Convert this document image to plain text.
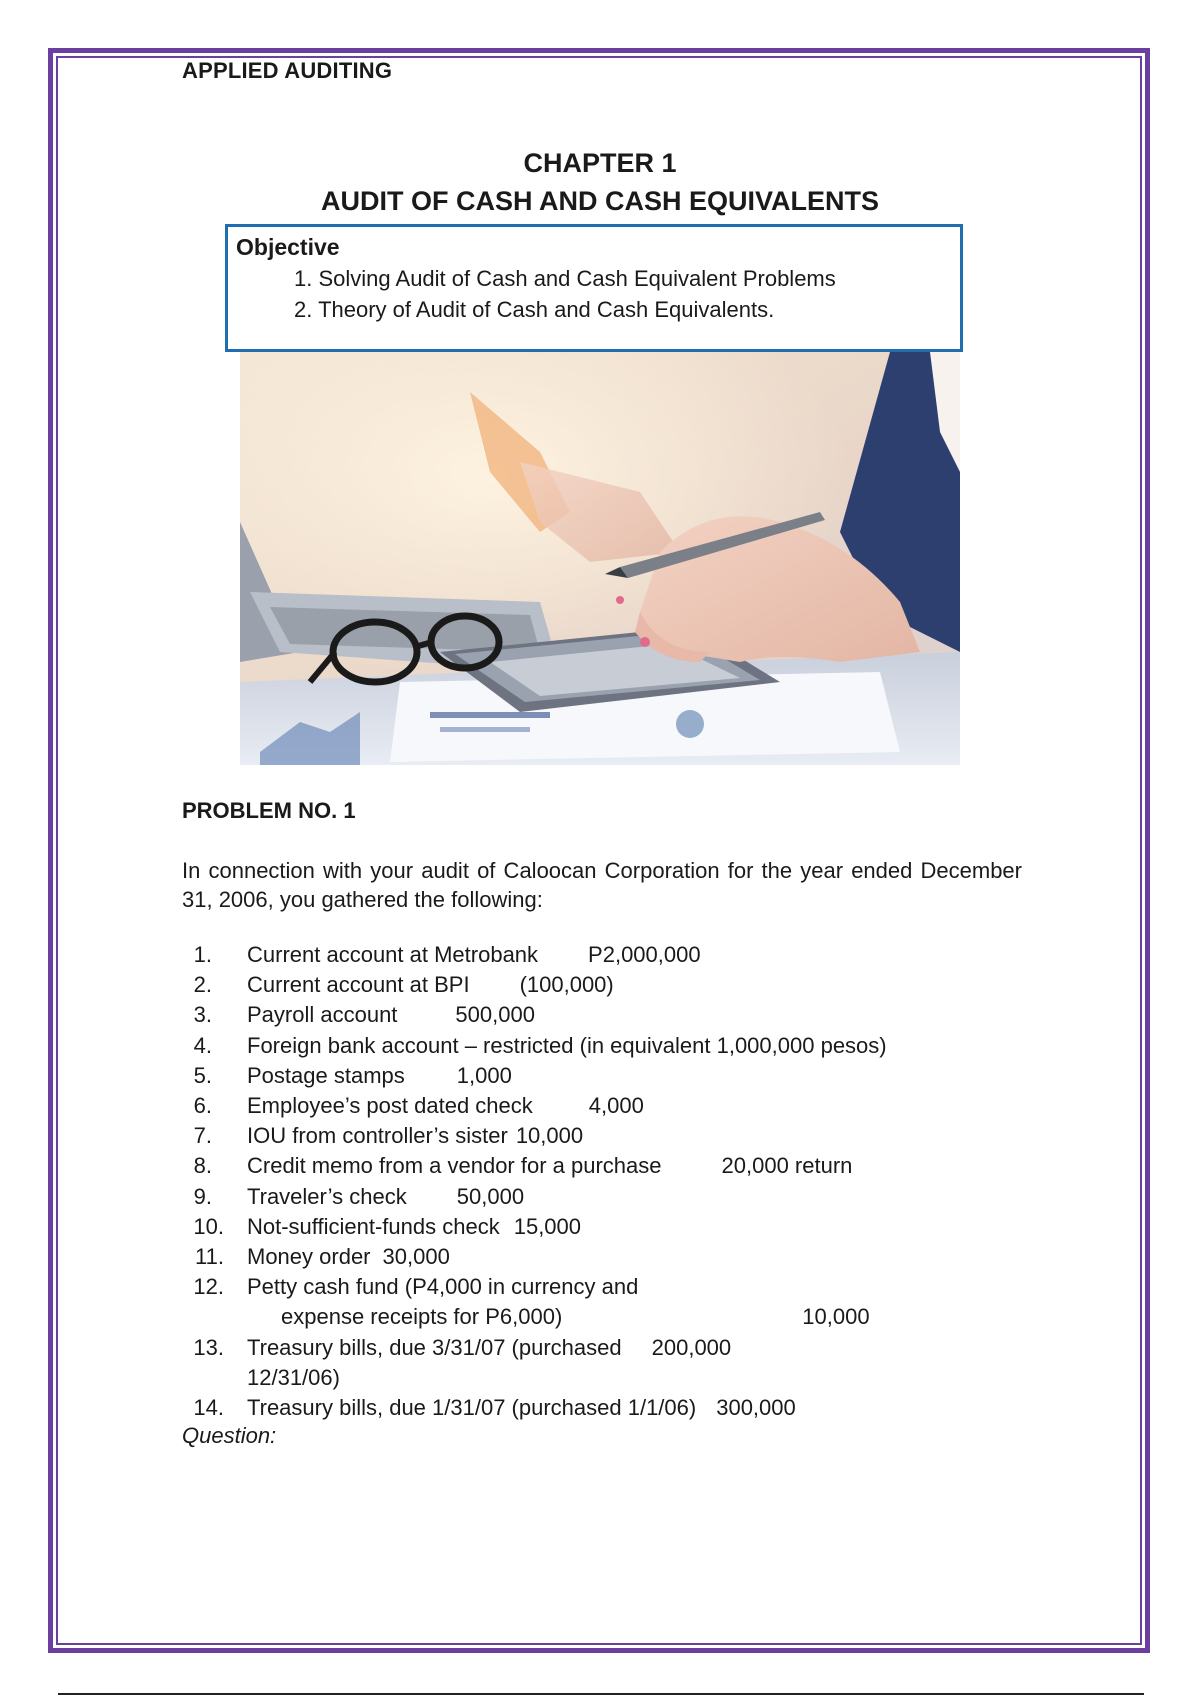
APPLIED AUDITING
CHAPTER 1
AUDIT OF CASH AND CASH EQUIVALENTS
Objective
1. Solving Audit of Cash and Cash Equivalent Problems
2. Theory of Audit of Cash and Cash Equivalents.
PROBLEM NO. 1
In connection with your audit of Caloocan Corporation for the year ended December 31, 2006, you gathered the following:
1. Current account at Metrobank P2,000,000
2. Current account at BPI (100,000)
3. Payroll account	500,000
4. Foreign bank account – restricted (in equivalent 1,000,000 pesos)
5. Postage stamps 1,000
6. Employee’s post dated check	4,000
7. IOU from controller’s sister 10,000
8. Credit memo from a vendor for a purchase	20,000 return
9. Traveler’s check 50,000
10. Not-sufficient-funds check 15,000
11. Money order 30,000
12. Petty cash fund (P4,000 in currency and
expense receipts for P6,000)	10,000
13. Treasury bills, due 3/31/07 (purchased 200,000
12/31/06)
14. Treasury bills, due 1/31/07 (purchased 1/1/06) 300,000
Question:
